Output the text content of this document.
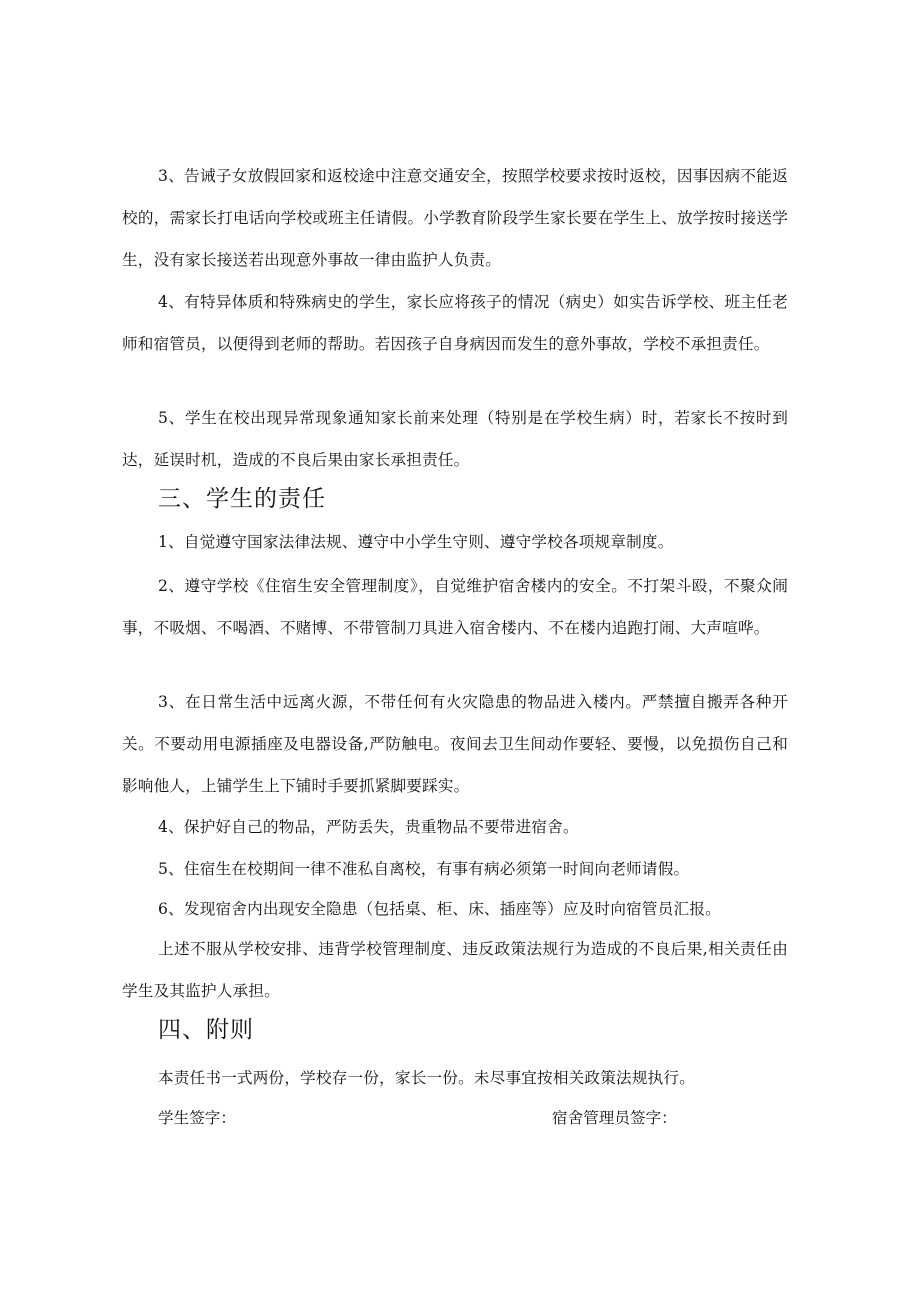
3、告诫子女放假回家和返校途中注意交通安全，按照学校要求按时返校，因事因病不能返校的，需家长打电话向学校或班主任请假。小学教育阶段学生家长要在学生上、放学按时接送学生，没有家长接送若出现意外事故一律由监护人负责。

4、有特异体质和特殊病史的学生，家长应将孩子的情况（病史）如实告诉学校、班主任老师和宿管员，以便得到老师的帮助。若因孩子自身病因而发生的意外事故，学校不承担责任。

5、学生在校出现异常现象通知家长前来处理（特别是在学校生病）时，若家长不按时到达，延误时机，造成的不良后果由家长承担责任。

三、学生的责任

1、自觉遵守国家法律法规、遵守中小学生守则、遵守学校各项规章制度。

2、遵守学校《住宿生安全管理制度》，自觉维护宿舍楼内的安全。不打架斗殴，不聚众闹事，不吸烟、不喝酒、不赌博、不带管制刀具进入宿舍楼内、不在楼内追跑打闹、大声喧哗。

3、在日常生活中远离火源，不带任何有火灾隐患的物品进入楼内。严禁擅自搬弄各种开关。不要动用电源插座及电器设备,严防触电。夜间去卫生间动作要轻、要慢，以免损伤自己和影响他人，上铺学生上下铺时手要抓紧脚要踩实。

4、保护好自己的物品，严防丢失，贵重物品不要带进宿舍。

5、住宿生在校期间一律不准私自离校，有事有病必须第一时间向老师请假。

6、发现宿舍内出现安全隐患（包括桌、柜、床、插座等）应及时向宿管员汇报。

上述不服从学校安排、违背学校管理制度、违反政策法规行为造成的不良后果,相关责任由学生及其监护人承担。

四、附则

本责任书一式两份，学校存一份，家长一份。未尽事宜按相关政策法规执行。

学生签字：	宿舍管理员签字：
